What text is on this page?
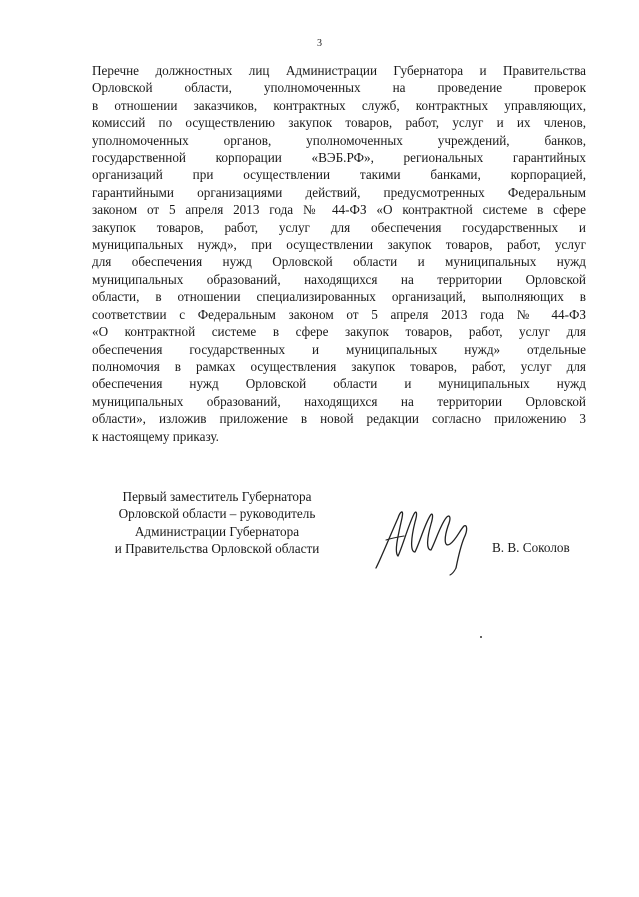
3
Перечне должностных лиц Администрации Губернатора и Правительства
Орловской области, уполномоченных на проведение проверок
в отношении заказчиков, контрактных служб, контрактных управляющих,
комиссий по осуществлению закупок товаров, работ, услуг и их членов,
уполномоченных органов, уполномоченных учреждений, банков,
государственной корпорации «ВЭБ.РФ», региональных гарантийных
организаций при осуществлении такими банками, корпорацией,
гарантийными организациями действий, предусмотренных Федеральным
законом от 5 апреля 2013 года № 44-ФЗ «О контрактной системе в сфере
закупок товаров, работ, услуг для обеспечения государственных и
муниципальных нужд», при осуществлении закупок товаров, работ, услуг
для обеспечения нужд Орловской области и муниципальных нужд
муниципальных образований, находящихся на территории Орловской
области, в отношении специализированных организаций, выполняющих в
соответствии с Федеральным законом от 5 апреля 2013 года № 44-ФЗ
«О контрактной системе в сфере закупок товаров, работ, услуг для
обеспечения государственных и муниципальных нужд» отдельные
полномочия в рамках осуществления закупок товаров, работ, услуг для
обеспечения нужд Орловской области и муниципальных нужд
муниципальных образований, находящихся на территории Орловской
области», изложив приложение в новой редакции согласно приложению 3
к настоящему приказу.
Первый заместитель Губернатора
Орловской области – руководитель
Администрации Губернатора
и Правительства Орловской области	В. В. Соколов
